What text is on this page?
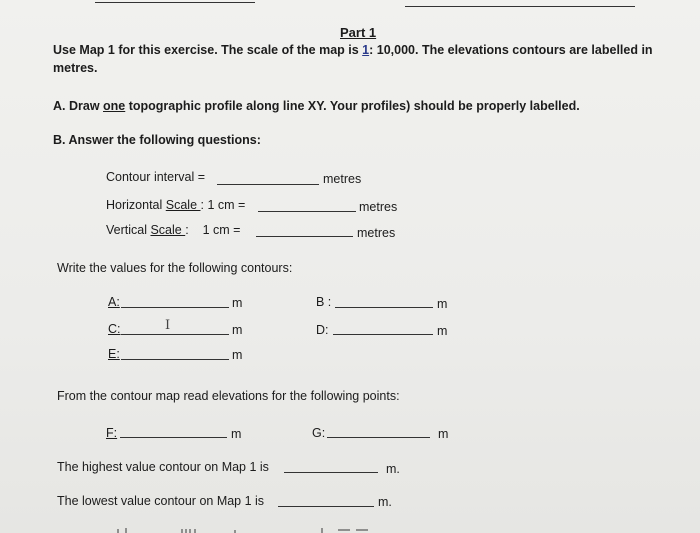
Part 1
Use Map 1 for this exercise. The scale of the map is 1: 10,000. The elevations contours are labelled in
metres.
A. Draw one topographic profile along line XY. Your profiles) should be properly labelled.
B. Answer the following questions:
Contour interval =	metres
Horizontal Scale : 1 cm =	metres
Vertical Scale :    1 cm =	metres
Write the values for the following contours:
A:	m	B :	m
C:	I	m	D:	m
E:	m
From the contour map read elevations for the following points:
F:	m	G:	m
The highest value contour on Map 1 is	m.
The lowest value contour on Map 1 is	m.
